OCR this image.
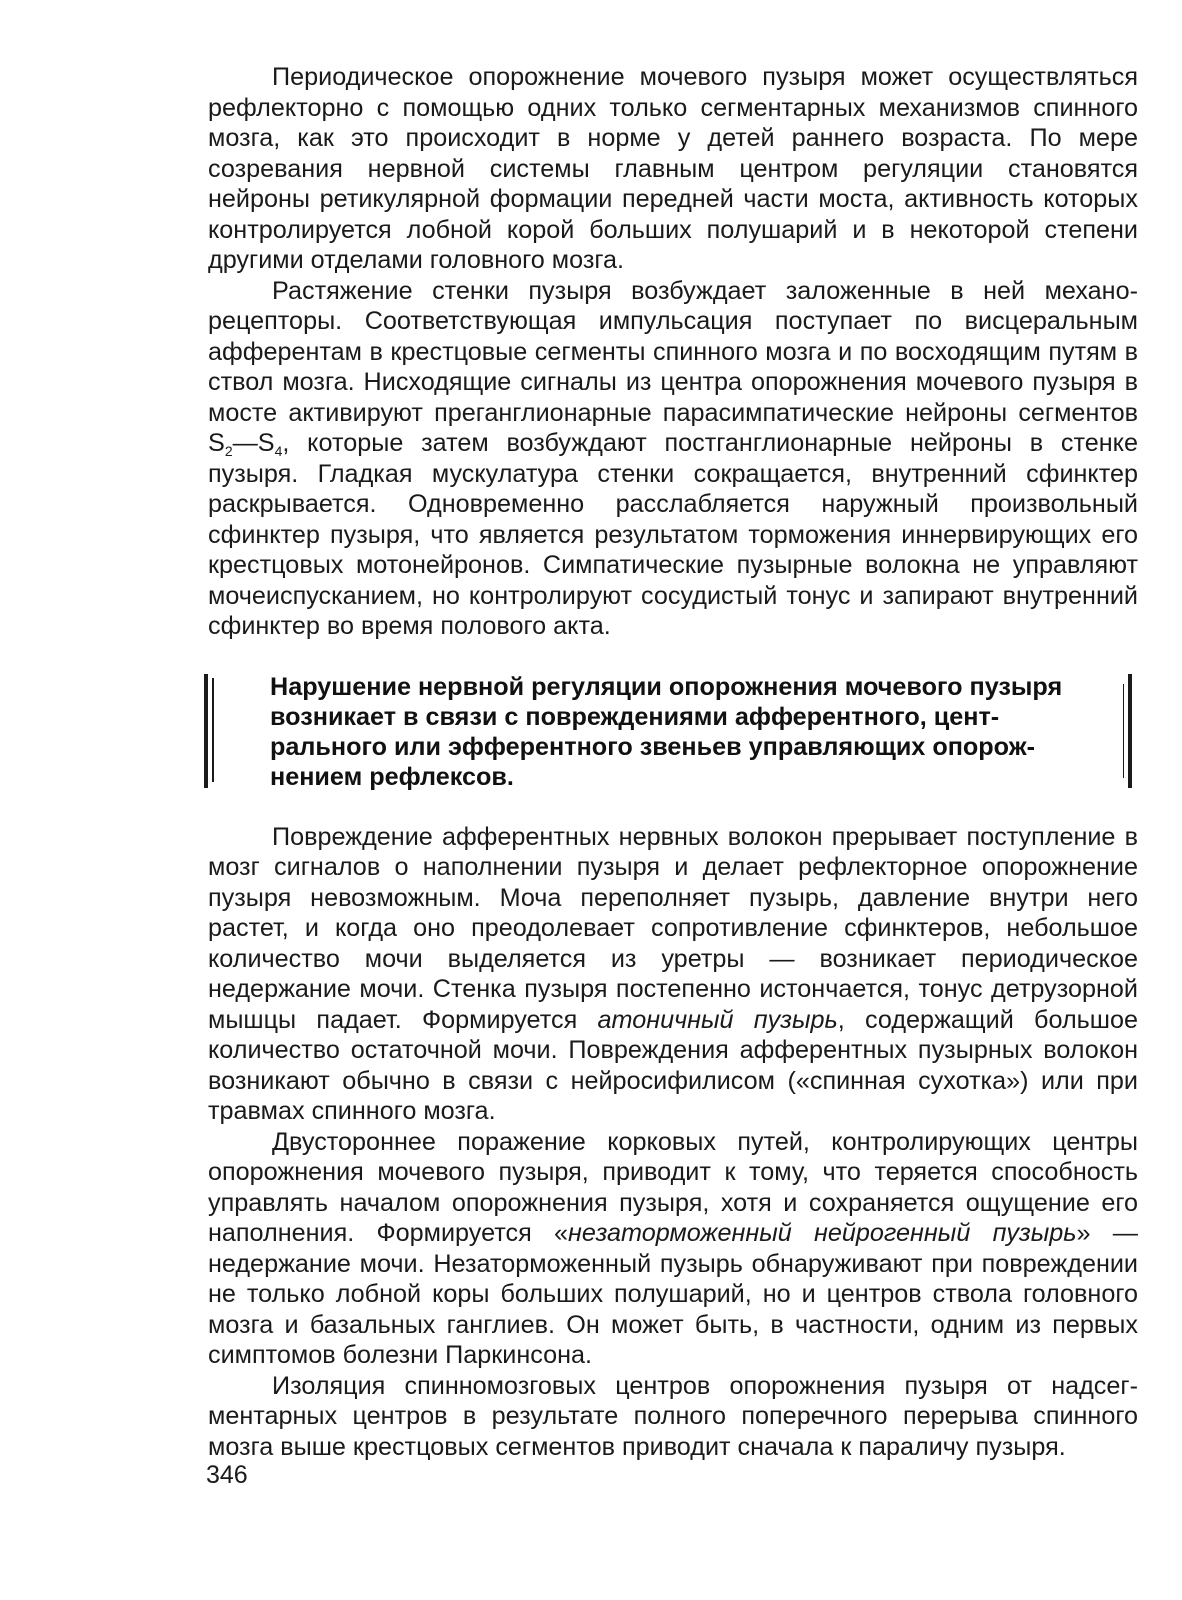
Периодическое опорожнение мочевого пузыря может осуществляться рефлекторно с помощью одних только сегментарных механизмов спинного мозга, как это происходит в норме у детей раннего возраста. По мере созревания нервной системы главным центром регуляции становятся нейроны ретикулярной формации передней части моста, активность которых контролируется лобной корой больших полушарий и в некоторой степени другими отделами головного мозга.

Растяжение стенки пузыря возбуждает заложенные в ней механорецепторы. Соответствующая импульсация поступает по висцеральным афферентам в крестцовые сегменты спинного мозга и по восходящим путям в ствол мозга. Нисходящие сигналы из центра опорожнения мочевого пузыря в мосте активируют преганглионарные парасимпатические нейроны сегментов $S_2—S_4$, которые затем возбуждают постганглионарные нейроны в стенке пузыря. Гладкая мускулатура стенки сокращается, внутренний сфинктер раскрывается. Одновременно расслабляется наружный произвольный сфинктер пузыря, что является результатом торможения иннервирующих его крестцовых мотонейронов. Симпатические пузырные волокна не управляют мочеиспусканием, но контролируют сосудистый тонус и запирают внутренний сфинктер во время полового акта.

Нарушение нервной регуляции опорожнения мочевого пузыря возникает в связи с повреждениями афферентного, центрального или эфферентного звеньев управляющих опорожнением рефлексов.

Повреждение афферентных нервных волокон прерывает поступление в мозг сигналов о наполнении пузыря и делает рефлекторное опорожнение пузыря невозможным. Моча переполняет пузырь, давление внутри него растет, и когда оно преодолевает сопротивление сфинктеров, небольшое количество мочи выделяется из уретры — возникает периодическое недержание мочи. Стенка пузыря постепенно истончается, тонус детрузорной мышцы падает. Формируется атоничный пузырь, содержащий большое количество остаточной мочи. Повреждения афферентных пузырных волокон возникают обычно в связи с нейросифилисом («спинная сухотка») или при травмах спинного мозга.

Двустороннее поражение корковых путей, контролирующих центры опорожнения мочевого пузыря, приводит к тому, что теряется способность управлять началом опорожнения пузыря, хотя и сохраняется ощущение его наполнения. Формируется «незаторможенный нейрогенный пузырь» — недержание мочи. Незаторможенный пузырь обнаруживают при повреждении не только лобной коры больших полушарий, но и центров ствола головного мозга и базальных ганглиев. Он может быть, в частности, одним из первых симптомов болезни Паркинсона.

Изоляция спинномозговых центров опорожнения пузыря от надсегментарных центров в результате полного поперечного перерыва спинного мозга выше крестцовых сегментов приводит сначала к параличу пузыря.

346
